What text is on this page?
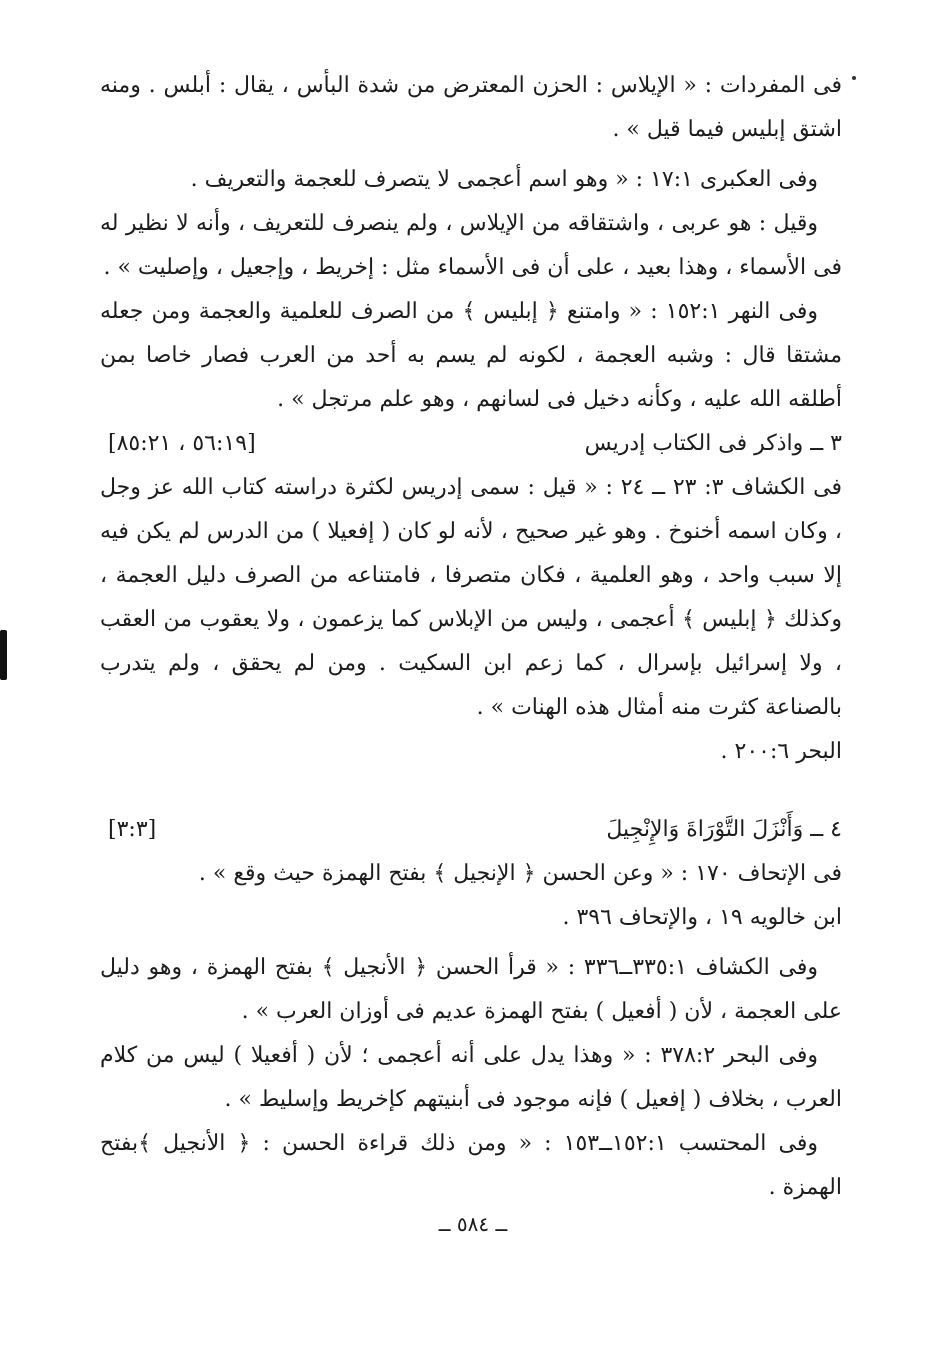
فى المفردات : « الإيلاس : الحزن المعترض من شدة البأس ، يقال : أبلس . ومنه اشتق إبليس فيما قيل » .

وفى العكبرى ١٧:١ : « وهو اسم أعجمى لا يتصرف للعجمة والتعريف .

وقيل : هو عربى ، واشتقاقه من الإيلاس ، ولم ينصرف للتعريف ، وأنه لا نظير له فى الأسماء ، وهذا بعيد ، على أن فى الأسماء مثل : إخريط ، وإجعيل ، وإصليت » .

وفى النهر ١٥٢:١ : « وامتنع ﴿ إبليس ﴾ من الصرف للعلمية والعجمة ومن جعله مشتقا قال : وشبه العجمة ، لكونه لم يسم به أحد من العرب فصار خاصا بمن أطلقه الله عليه ، وكأنه دخيل فى لسانهم ، وهو علم مرتجل » .

٣ ــ واذكر فى الكتاب إدريس
[٥٦:١٩ ، ٨٥:٢١]

فى الكشاف ٣: ٢٣ ــ ٢٤ : « قيل : سمى إدريس لكثرة دراسته كتاب الله عز وجل ، وكان اسمه أخنوخ . وهو غير صحيح ، لأنه لو كان ( إفعيلا ) من الدرس لم يكن فيه إلا سبب واحد ، وهو العلمية ، فكان متصرفا ، فامتناعه من الصرف دليل العجمة ، وكذلك ﴿ إبليس ﴾ أعجمى ، وليس من الإبلاس كما يزعمون ، ولا يعقوب من العقب ، ولا إسرائيل بإسرال ، كما زعم ابن السكيت . ومن لم يحقق ، ولم يتدرب بالصناعة كثرت منه أمثال هذه الهنات » .

البحر ٢٠٠:٦ .

٤ ــ وَأَنْزَلَ التَّوْرَاةَ وَالإِنْجِيلَ
[٣:٣]

فى الإتحاف ١٧٠ : « وعن الحسن ﴿ الإنجيل ﴾ بفتح الهمزة حيث وقع » .

ابن خالويه ١٩ ، والإتحاف ٣٩٦ .

وفى الكشاف ٣٣٥:١ــ٣٣٦ : « قرأ الحسن ﴿ الأنجيل ﴾ بفتح الهمزة ، وهو دليل على العجمة ، لأن ( أفعيل ) بفتح الهمزة عديم فى أوزان العرب » .

وفى البحر ٣٧٨:٢ : « وهذا يدل على أنه أعجمى ؛ لأن ( أفعيلا ) ليس من كلام العرب ، بخلاف ( إفعيل ) فإنه موجود فى أبنيتهم كإخريط وإسليط » .

وفى المحتسب ١٥٢:١ــ١٥٣ : « ومن ذلك قراءة الحسن : ﴿ الأنجيل ﴾بفتح الهمزة .

ــ ٥٨٤ ــ
